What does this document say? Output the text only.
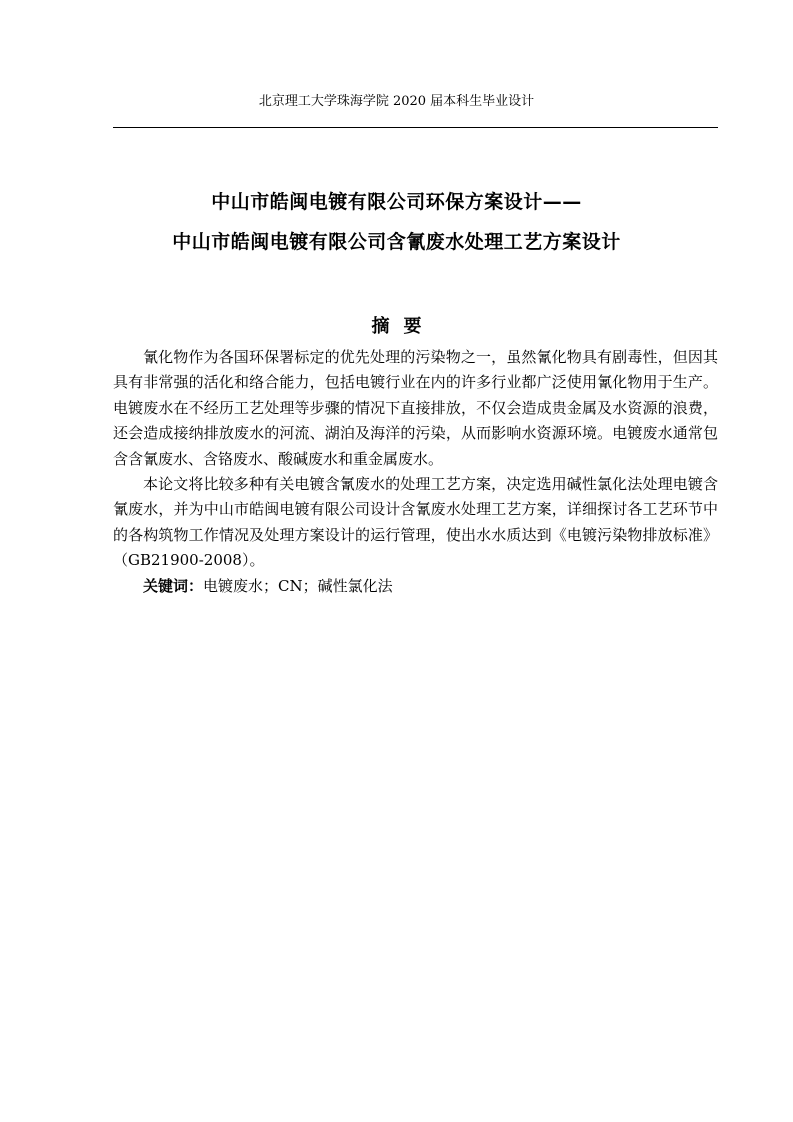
北京理工大学珠海学院 2020 届本科生毕业设计
中山市皓闽电镀有限公司环保方案设计——
中山市皓闽电镀有限公司含氰废水处理工艺方案设计
摘要

氰化物作为各国环保署标定的优先处理的污染物之一，虽然氰化物具有剧毒性，但因其具有非常强的活化和络合能力，包括电镀行业在内的许多行业都广泛使用氰化物用于生产。电镀废水在不经历工艺处理等步骤的情况下直接排放，不仅会造成贵金属及水资源的浪费，还会造成接纳排放废水的河流、湖泊及海洋的污染，从而影响水资源环境。电镀废水通常包含含氰废水、含铬废水、酸碱废水和重金属废水。

本论文将比较多种有关电镀含氰废水的处理工艺方案，决定选用碱性氯化法处理电镀含氰废水，并为中山市皓闽电镀有限公司设计含氰废水处理工艺方案，详细探讨各工艺环节中的各构筑物工作情况及处理方案设计的运行管理，使出水水质达到《电镀污染物排放标准》（GB21900-2008）。

关键词：电镀废水；CN；碱性氯化法
